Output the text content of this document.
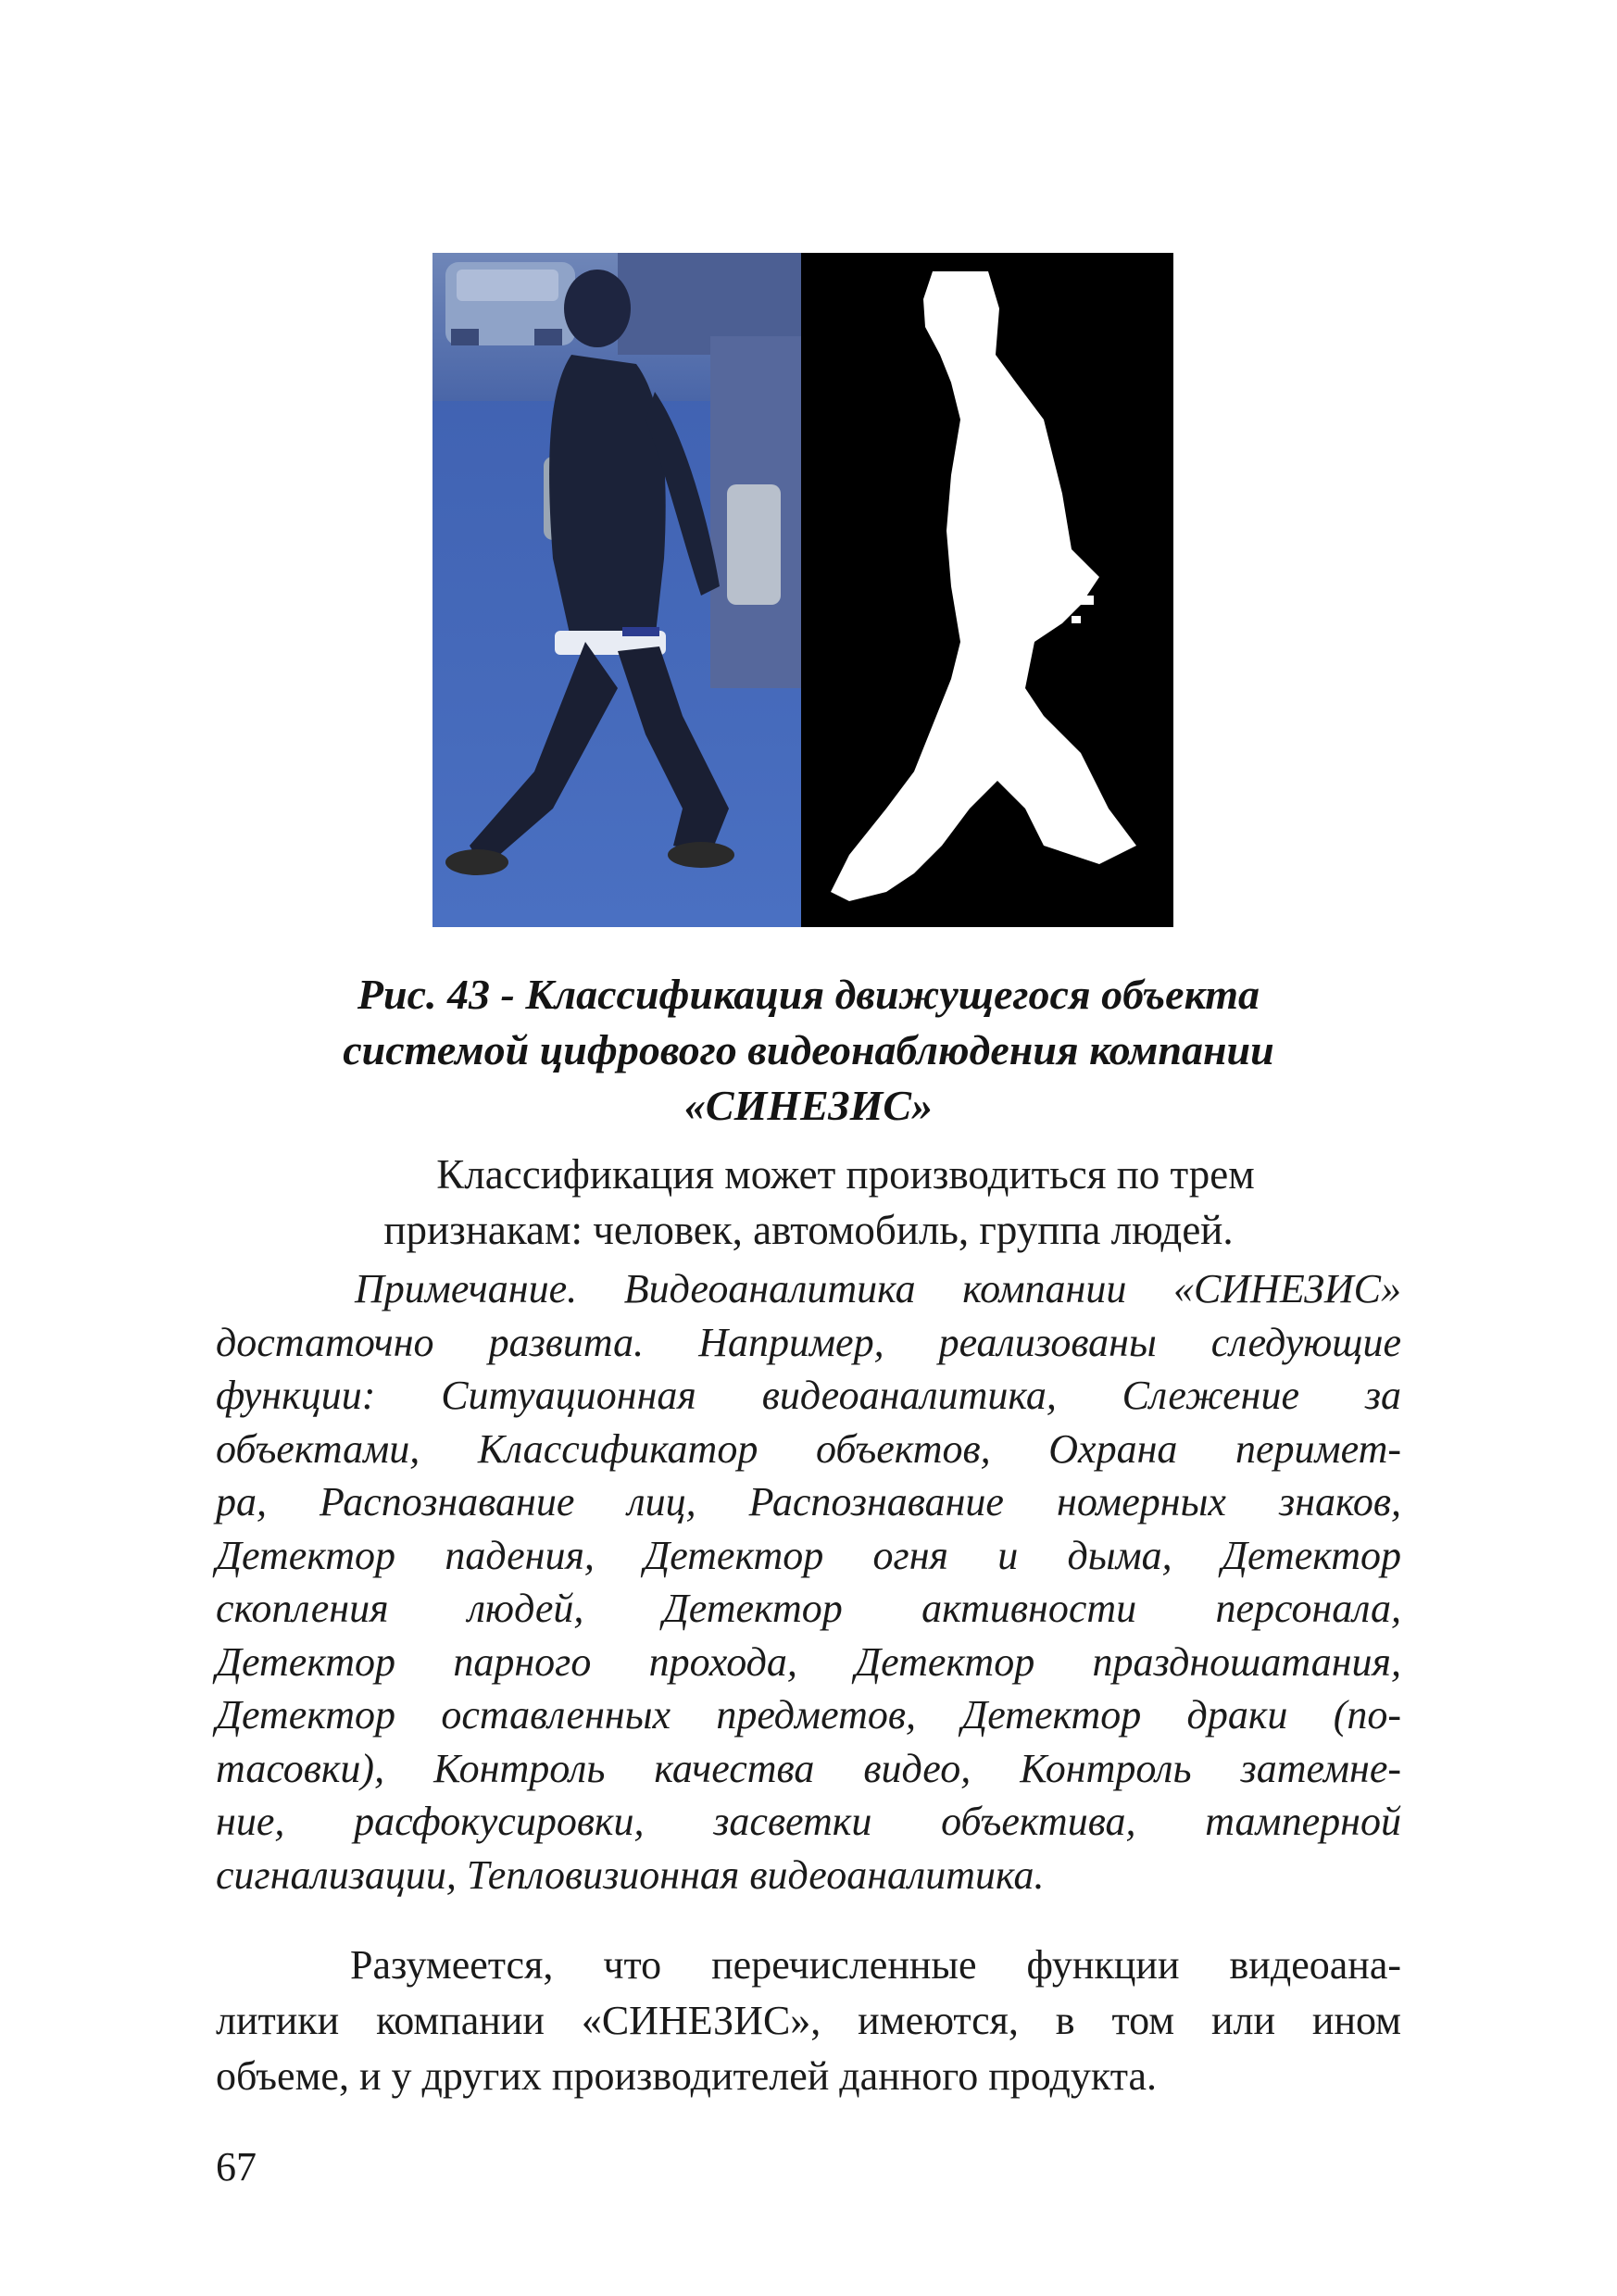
Рис. 43 - Классификация движущегося объекта
системой цифрового видеонаблюдения компании
«СИНЕЗИС»
Классификация может производиться по трем
признакам: человек, автомобиль, группа людей.
Примечание. Видеоаналитика компании «СИНЕЗИС»
достаточно развита. Например, реализованы следующие
функции: Ситуационная видеоаналитика, Слежение за
объектами, Классификатор объектов, Охрана перимет-
ра, Распознавание лиц, Распознавание номерных знаков,
Детектор падения, Детектор огня и дыма, Детектор
скопления людей, Детектор активности персонала,
Детектор парного прохода, Детектор праздношатания,
Детектор оставленных предметов, Детектор драки (по-
тасовки), Контроль качества видео, Контроль затемне-
ние, расфокусировки, засветки объектива, тамперной
сигнализации, Тепловизионная видеоаналитика.
Разумеется, что перечисленные функции видеоана-
литики компании «СИНЕЗИС», имеются, в том или ином
объеме, и у других производителей данного продукта.
67
